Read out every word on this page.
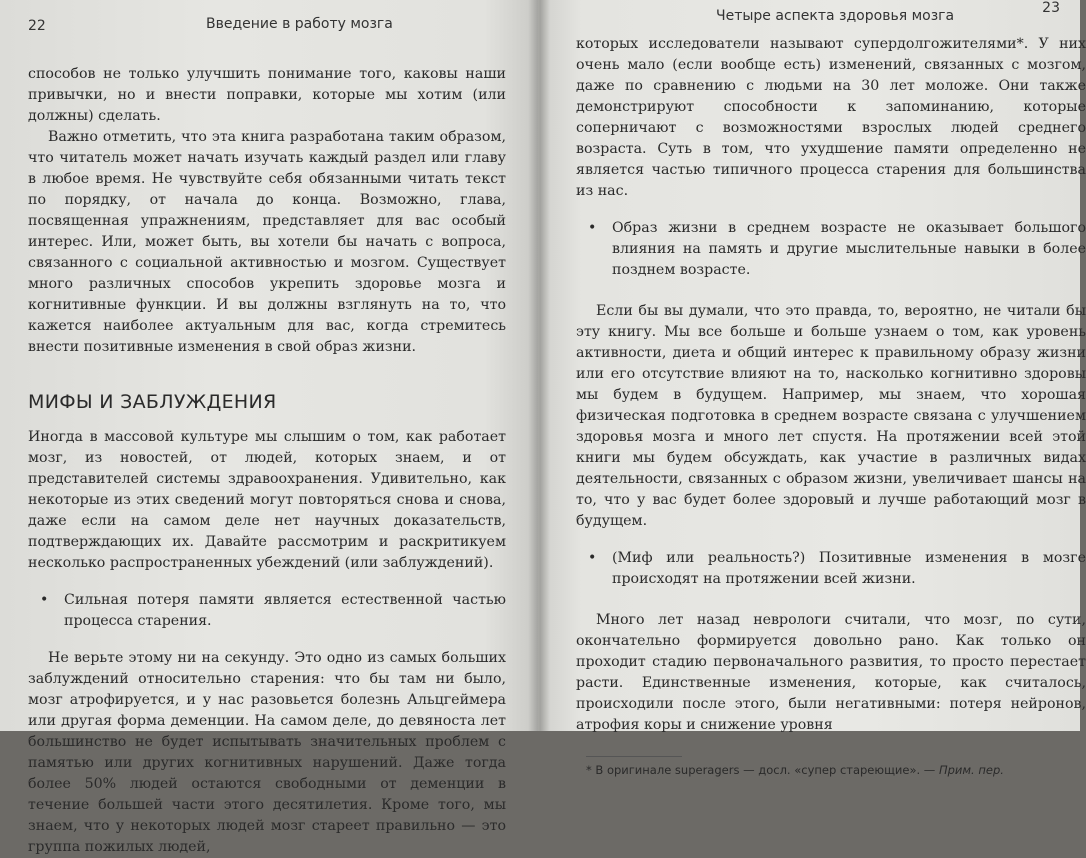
22	Введение в работу мозга

способов не только улучшить понимание того, каковы наши привычки, но и внести поправки, которые мы хотим (или должны) сделать.

Важно отметить, что эта книга разработана таким образом, что читатель может начать изучать каждый раздел или главу в любое время. Не чувствуйте себя обязанными читать текст по порядку, от начала до конца. Возможно, глава, посвященная упражнениям, представляет для вас особый интерес. Или, может быть, вы хотели бы начать с вопроса, связанного с социальной активностью и мозгом. Существует много различных способов укрепить здоровье мозга и когнитивные функции. И вы должны взглянуть на то, что кажется наиболее актуальным для вас, когда стремитесь внести позитивные изменения в свой образ жизни.

МИФЫ И ЗАБЛУЖДЕНИЯ

Иногда в массовой культуре мы слышим о том, как работает мозг, из новостей, от людей, которых знаем, и от представителей системы здравоохранения. Удивительно, как некоторые из этих сведений могут повторяться снова и снова, даже если на самом деле нет научных доказательств, подтверждающих их. Давайте рассмотрим и раскритикуем несколько распространенных убеждений (или заблуждений).

• Сильная потеря памяти является естественной частью процесса старения.

Не верьте этому ни на секунду. Это одно из самых больших заблуждений относительно старения: что бы там ни было, мозг атрофируется, и у нас разовьется болезнь Альцгеймера или другая форма деменции. На самом деле, до девяноста лет большинство не будет испытывать значительных проблем с памятью или других когнитивных нарушений. Даже тогда более 50% людей остаются свободными от деменции в течение большей части этого десятилетия. Кроме того, мы знаем, что у некоторых людей мозг стареет правильно — это группа пожилых людей,

Четыре аспекта здоровья мозга	23

которых исследователи называют супердолгожителями*. У них очень мало (если вообще есть) изменений, связанных с мозгом, даже по сравнению с людьми на 30 лет моложе. Они также демонстрируют способности к запоминанию, которые соперничают с возможностями взрослых людей среднего возраста. Суть в том, что ухудшение памяти определенно не является частью типичного процесса старения для большинства из нас.

• Образ жизни в среднем возрасте не оказывает большого влияния на память и другие мыслительные навыки в более позднем возрасте.

Если бы вы думали, что это правда, то, вероятно, не читали бы эту книгу. Мы все больше и больше узнаем о том, как уровень активности, диета и общий интерес к правильному образу жизни или его отсутствие влияют на то, насколько когнитивно здоровы мы будем в будущем. Например, мы знаем, что хорошая физическая подготовка в среднем возрасте связана с улучшением здоровья мозга и много лет спустя. На протяжении всей этой книги мы будем обсуждать, как участие в различных видах деятельности, связанных с образом жизни, увеличивает шансы на то, что у вас будет более здоровый и лучше работающий мозг в будущем.

• (Миф или реальность?) Позитивные изменения в мозге происходят на протяжении всей жизни.

Много лет назад неврологи считали, что мозг, по сути, окончательно формируется довольно рано. Как только он проходит стадию первоначального развития, то просто перестает расти. Единственные изменения, которые, как считалось, происходили после этого, были негативными: потеря нейронов, атрофия коры и снижение уровня

* В оригинале superagers — досл. «супер стареющие». — Прим. пер.
